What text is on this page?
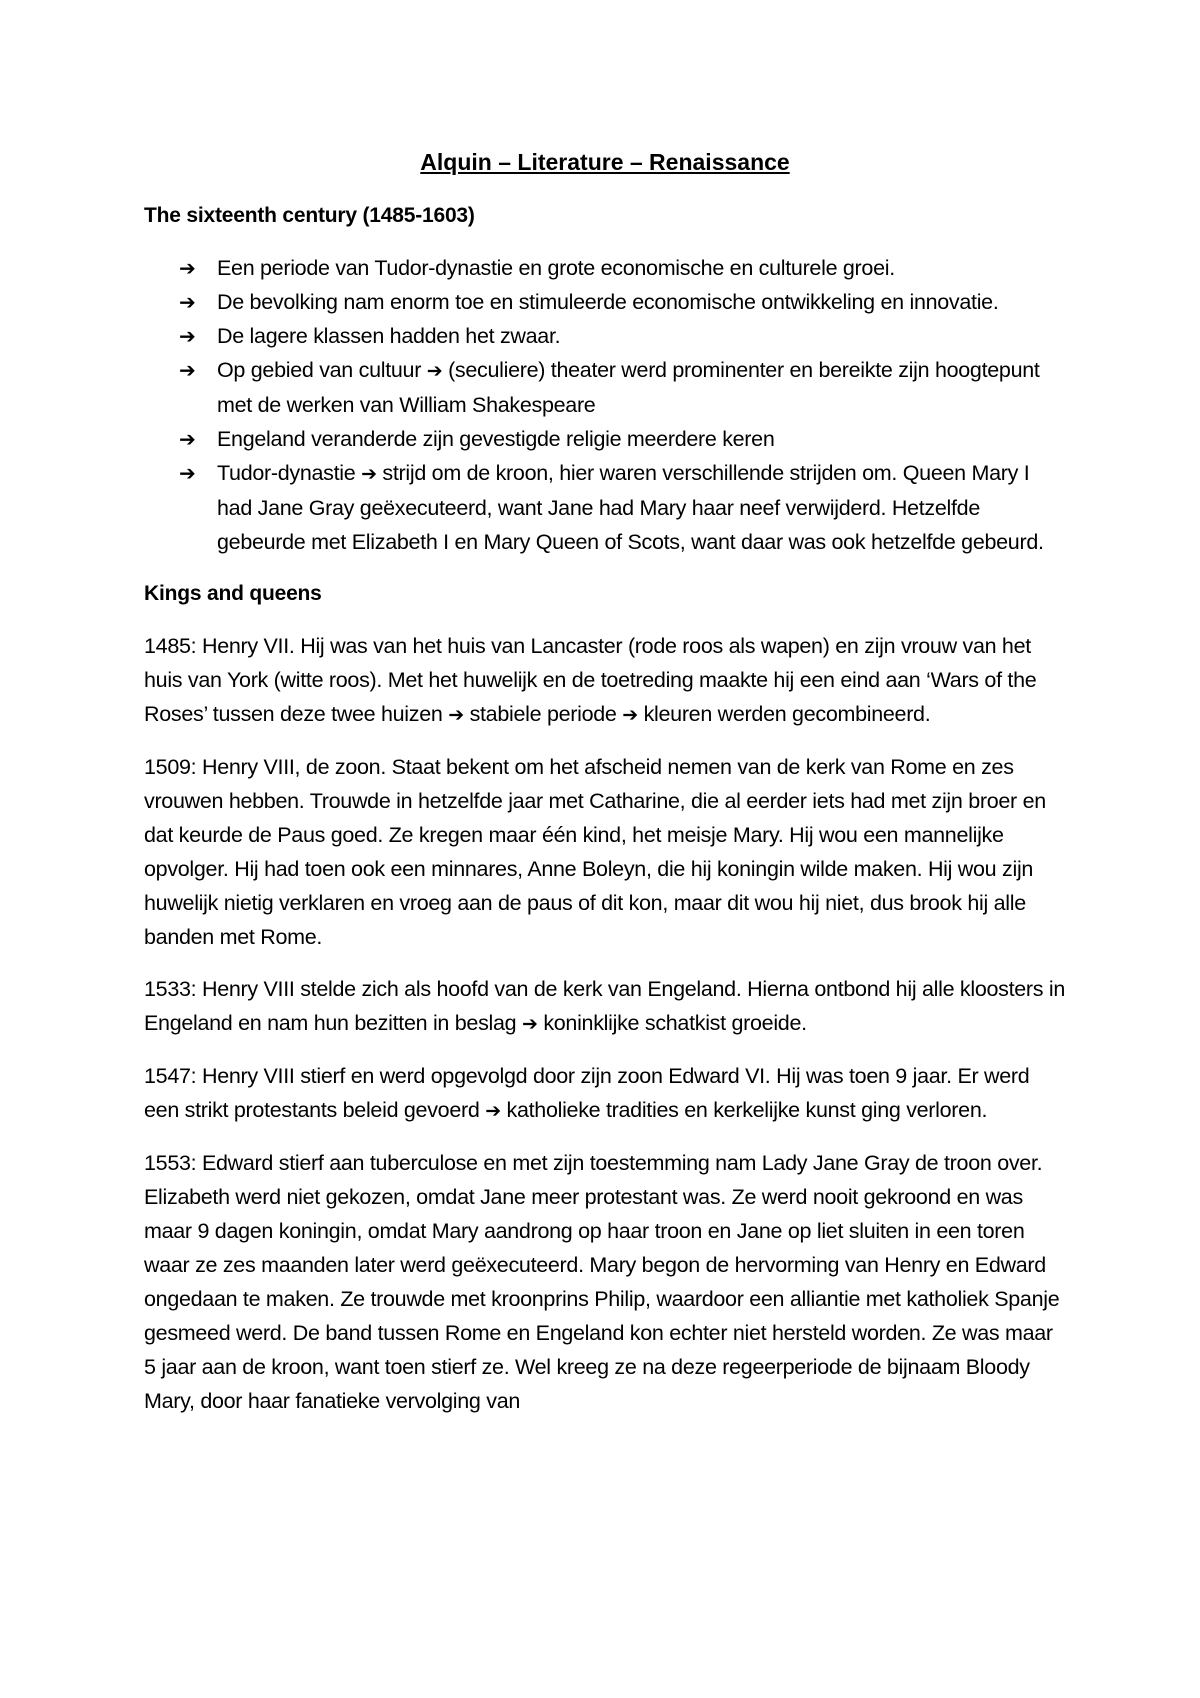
Alquin – Literature – Renaissance
The sixteenth century (1485-1603)
➔ Een periode van Tudor-dynastie en grote economische en culturele groei.
➔ De bevolking nam enorm toe en stimuleerde economische ontwikkeling en innovatie.
➔ De lagere klassen hadden het zwaar.
➔ Op gebied van cultuur ➔ (seculiere) theater werd prominenter en bereikte zijn hoogtepunt met de werken van William Shakespeare
➔ Engeland veranderde zijn gevestigde religie meerdere keren
➔ Tudor-dynastie ➔ strijd om de kroon, hier waren verschillende strijden om. Queen Mary I had Jane Gray geëxecuteerd, want Jane had Mary haar neef verwijderd. Hetzelfde gebeurde met Elizabeth I en Mary Queen of Scots, want daar was ook hetzelfde gebeurd.
Kings and queens

1485: Henry VII. Hij was van het huis van Lancaster (rode roos als wapen) en zijn vrouw van het huis van York (witte roos). Met het huwelijk en de toetreding maakte hij een eind aan ‘Wars of the Roses’ tussen deze twee huizen ➔ stabiele periode ➔ kleuren werden gecombineerd.

1509: Henry VIII, de zoon. Staat bekent om het afscheid nemen van de kerk van Rome en zes vrouwen hebben. Trouwde in hetzelfde jaar met Catharine, die al eerder iets had met zijn broer en dat keurde de Paus goed. Ze kregen maar één kind, het meisje Mary. Hij wou een mannelijke opvolger. Hij had toen ook een minnares, Anne Boleyn, die hij koningin wilde maken. Hij wou zijn huwelijk nietig verklaren en vroeg aan de paus of dit kon, maar dit wou hij niet, dus brook hij alle banden met Rome.

1533: Henry VIII stelde zich als hoofd van de kerk van Engeland. Hierna ontbond hij alle kloosters in Engeland en nam hun bezitten in beslag ➔ koninklijke schatkist groeide.

1547: Henry VIII stierf en werd opgevolgd door zijn zoon Edward VI. Hij was toen 9 jaar. Er werd een strikt protestants beleid gevoerd ➔ katholieke tradities en kerkelijke kunst ging verloren.

1553: Edward stierf aan tuberculose en met zijn toestemming nam Lady Jane Gray de troon over. Elizabeth werd niet gekozen, omdat Jane meer protestant was. Ze werd nooit gekroond en was maar 9 dagen koningin, omdat Mary aandrong op haar troon en Jane op liet sluiten in een toren waar ze zes maanden later werd geëxecuteerd. Mary begon de hervorming van Henry en Edward ongedaan te maken. Ze trouwde met kroonprins Philip, waardoor een alliantie met katholiek Spanje gesmeed werd. De band tussen Rome en Engeland kon echter niet hersteld worden. Ze was maar 5 jaar aan de kroon, want toen stierf ze. Wel kreeg ze na deze regeerperiode de bijnaam Bloody Mary, door haar fanatieke vervolging van
